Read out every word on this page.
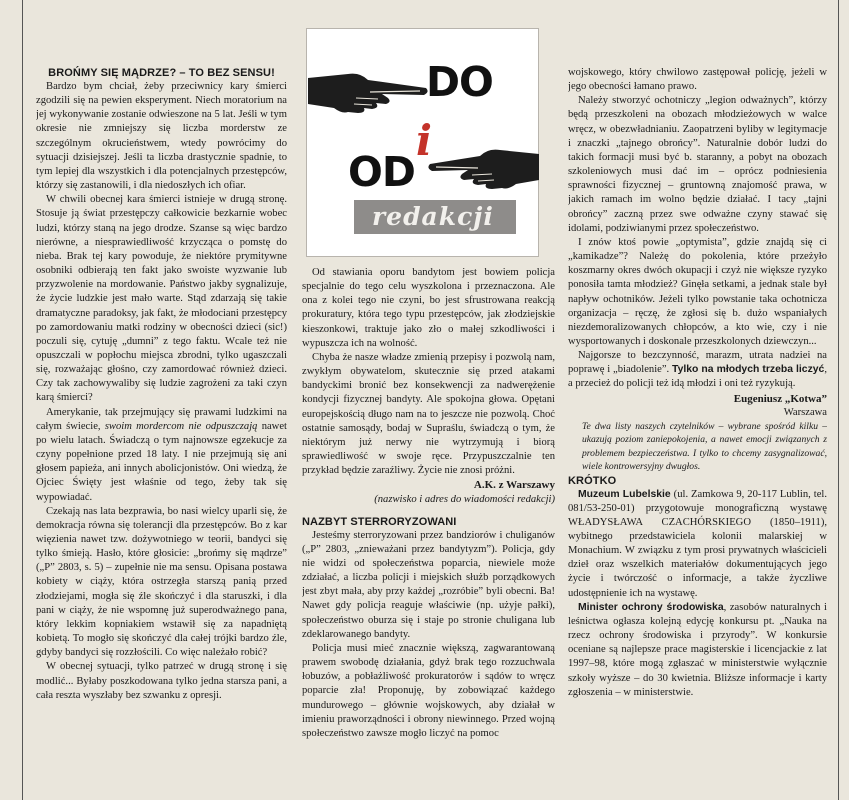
BROŃMY SIĘ MĄDRZE? – TO BEZ SENSU!

Bardzo bym chciał, żeby przeciwnicy kary śmierci zgodzili się na pewien eksperyment. Niech moratorium na jej wykonywanie zostanie odwieszone na 5 lat. Jeśli w tym okresie nie zmniejszy się liczba morderstw ze szczególnym okrucieństwem, wtedy powrócimy do sytuacji dzisiejszej. Jeśli ta liczba drastycznie spadnie, to tym lepiej dla wszystkich i dla potencjalnych przestępców, którzy się zastanowili, i dla niedoszłych ich ofiar.

W chwili obecnej kara śmierci istnieje w drugą stronę. Stosuje ją świat przestępczy całkowicie bezkarnie wobec ludzi, którzy staną na jego drodze. Szanse są więc bardzo nierówne, a niesprawiedliwość krzycząca o pomstę do nieba. Brak tej kary powoduje, że niektóre prymitywne osobniki odbierają ten fakt jako swoiste wyzwanie lub przyzwolenie na mordowanie. Państwo jakby sygnalizuje, że życie ludzkie jest mało warte. Stąd zdarzają się takie dramatyczne paradoksy, jak fakt, że młodociani przestępcy po zamordowaniu matki rodziny w obecności dzieci (sic!) poczuli się, cytuję „dumni” z tego faktu. Wcale też nie opuszczali w popłochu miejsca zbrodni, tylko ugaszczali się, rozważając głośno, czy zamordować również dzieci. Czy tak zachowywaliby się ludzie zagrożeni za taki czyn karą śmierci?

Amerykanie, tak przejmujący się prawami ludzkimi na całym świecie, swoim mordercom nie odpuszczają nawet po wielu latach. Świadczą o tym najnowsze egzekucje za czyny popełnione przed 18 laty. I nie przejmują się ani głosem papieża, ani innych abolicjonistów. Oni wiedzą, że Ojciec Święty jest właśnie od tego, żeby tak się wypowiadać.

Czekają nas lata bezprawia, bo nasi wielcy uparli się, że demokracja równa się tolerancji dla przestępców. Bo z kar więzienia nawet tzw. dożywotniego w teorii, bandyci się tylko śmieją. Hasło, które głosicie: „brońmy się mądrze” („P” 2803, s. 5) – zupełnie nie ma sensu. Opisana postawa kobiety w ciąży, która ostrzegła starszą panią przed złodziejami, mogła się źle skończyć i dla staruszki, i dla pani w ciąży, że nie wspomnę już superodważnego pana, który lekkim kopniakiem wstawił się za napadniętą kobietą. To mogło się skończyć dla całej trójki bardzo źle, gdyby bandyci się rozzłościli. Co więc należało robić?

W obecnej sytuacji, tylko patrzeć w drugą stronę i się modlić... Byłaby poszkodowana tylko jedna starsza pani, a cała reszta wyszłaby bez szwanku z opresji.

DO
i
OD
redakcji

Od stawiania oporu bandytom jest bowiem policja specjalnie do tego celu wyszkolona i przeznaczona. Ale ona z kolei tego nie czyni, bo jest sfrustrowana reakcją prokuratury, która tego typu przestępców, jak złodziejskie kieszonkowi, traktuje jako zło o małej szkodliwości i wypuszcza ich na wolność.

Chyba że nasze władze zmienią przepisy i pozwolą nam, zwykłym obywatelom, skutecznie się przed atakami bandyckimi bronić bez konsekwencji za nadwerężenie kondycji fizycznej bandyty. Ale spokojna głowa. Opętani europejskością długo nam na to jeszcze nie pozwolą. Choć ostatnie samosądy, bodaj w Supraślu, świadczą o tym, że niektórym już nerwy nie wytrzymują i biorą sprawiedliwość w swoje ręce. Przypuszczalnie ten przykład będzie zaraźliwy. Życie nie znosi próżni.

A.K. z Warszawy
(nazwisko i adres do wiadomości redakcji)
NAZBYT STERRORYZOWANI

Jesteśmy sterroryzowani przez bandziorów i chuliganów („P” 2803, „znieważani przez bandytyzm”). Policja, gdy nie widzi od społeczeństwa poparcia, niewiele może zdziałać, a liczba policji i miejskich służb porządkowych jest zbyt mała, aby przy każdej „rozróbie” byli obecni. Ba! Nawet gdy policja reaguje właściwie (np. użyje pałki), społeczeństwo oburza się i staje po stronie chuligana lub zdeklarowanego bandyty.

Policja musi mieć znacznie większą, zagwarantowaną prawem swobodę działania, gdyż brak tego rozzuchwala łobuzów, a pobłażliwość prokuratorów i sądów to wręcz poparcie zła! Proponuję, by zobowiązać każdego mundurowego – głównie wojskowych, aby działał w imieniu praworządności i obrony niewinnego. Przed wojną społeczeństwo zawsze mogło liczyć na pomoc

wojskowego, który chwilowo zastępował policję, jeżeli w jego obecności łamano prawo.

Należy stworzyć ochotniczy „legion odważnych”, którzy będą przeszkoleni na obozach młodzieżowych w walce wręcz, w obezwładnianiu. Zaopatrzeni byliby w legitymacje i znaczki „tajnego obrońcy”. Naturalnie dobór ludzi do takich formacji musi być b. staranny, a pobyt na obozach szkoleniowych musi dać im – oprócz podniesienia sprawności fizycznej – gruntowną znajomość prawa, w jakich ramach im wolno będzie działać. I tacy „tajni obrońcy” zaczną przez swe odważne czyny stawać się idolami, podziwianymi przez społeczeństwo.

I znów ktoś powie „optymista”, gdzie znajdą się ci „kamikadze”? Należę do pokolenia, które przeżyło koszmarny okres dwóch okupacji i czyż nie większe ryzyko ponosiła tamta młodzież? Ginęła setkami, a jednak stale był napływ ochotników. Jeżeli tylko powstanie taka ochotnicza organizacja – ręczę, że zgłosi się b. dużo wspaniałych niezdemoralizowanych chłopców, a kto wie, czy i nie wysportowanych i doskonale przeszkolonych dziewczyn...

Najgorsze to bezczynność, marazm, utrata nadziei na poprawę i „biadolenie”. Tylko na młodych trzeba liczyć, a przecież do policji też idą młodzi i oni też ryzykują.

Eugeniusz „Kotwa”
Warszawa
Te dwa listy naszych czytelników – wybrane spośród kilku – ukazują poziom zaniepokojenia, a nawet emocji związanych z problemem bezpieczeństwa. I tylko to chcemy zasygnalizować, wiele kontrowersyjny dwugłos.
KRÓTKO

Muzeum Lubelskie (ul. Zamkowa 9, 20-117 Lublin, tel. 081/53-250-01) przygotowuje monograficzną wystawę WŁADYSŁAWA CZACHÓRSKIEGO (1850–1911), wybitnego przedstawiciela kolonii malarskiej w Monachium. W związku z tym prosi prywatnych właścicieli dzieł oraz wszelkich materiałów dokumentujących jego życie i twórczość o informacje, a także życzliwe udostępnienie ich na wystawę.

Minister ochrony środowiska, zasobów naturalnych i leśnictwa ogłasza kolejną edycję konkursu pt. „Nauka na rzecz ochrony środowiska i przyrody”. W konkursie oceniane są najlepsze prace magisterskie i licencjackie z lat 1997–98, które mogą zgłaszać w ministerstwie wyłącznie szkoły wyższe – do 30 kwietnia. Bliższe informacje i karty zgłoszenia – w ministerstwie.
